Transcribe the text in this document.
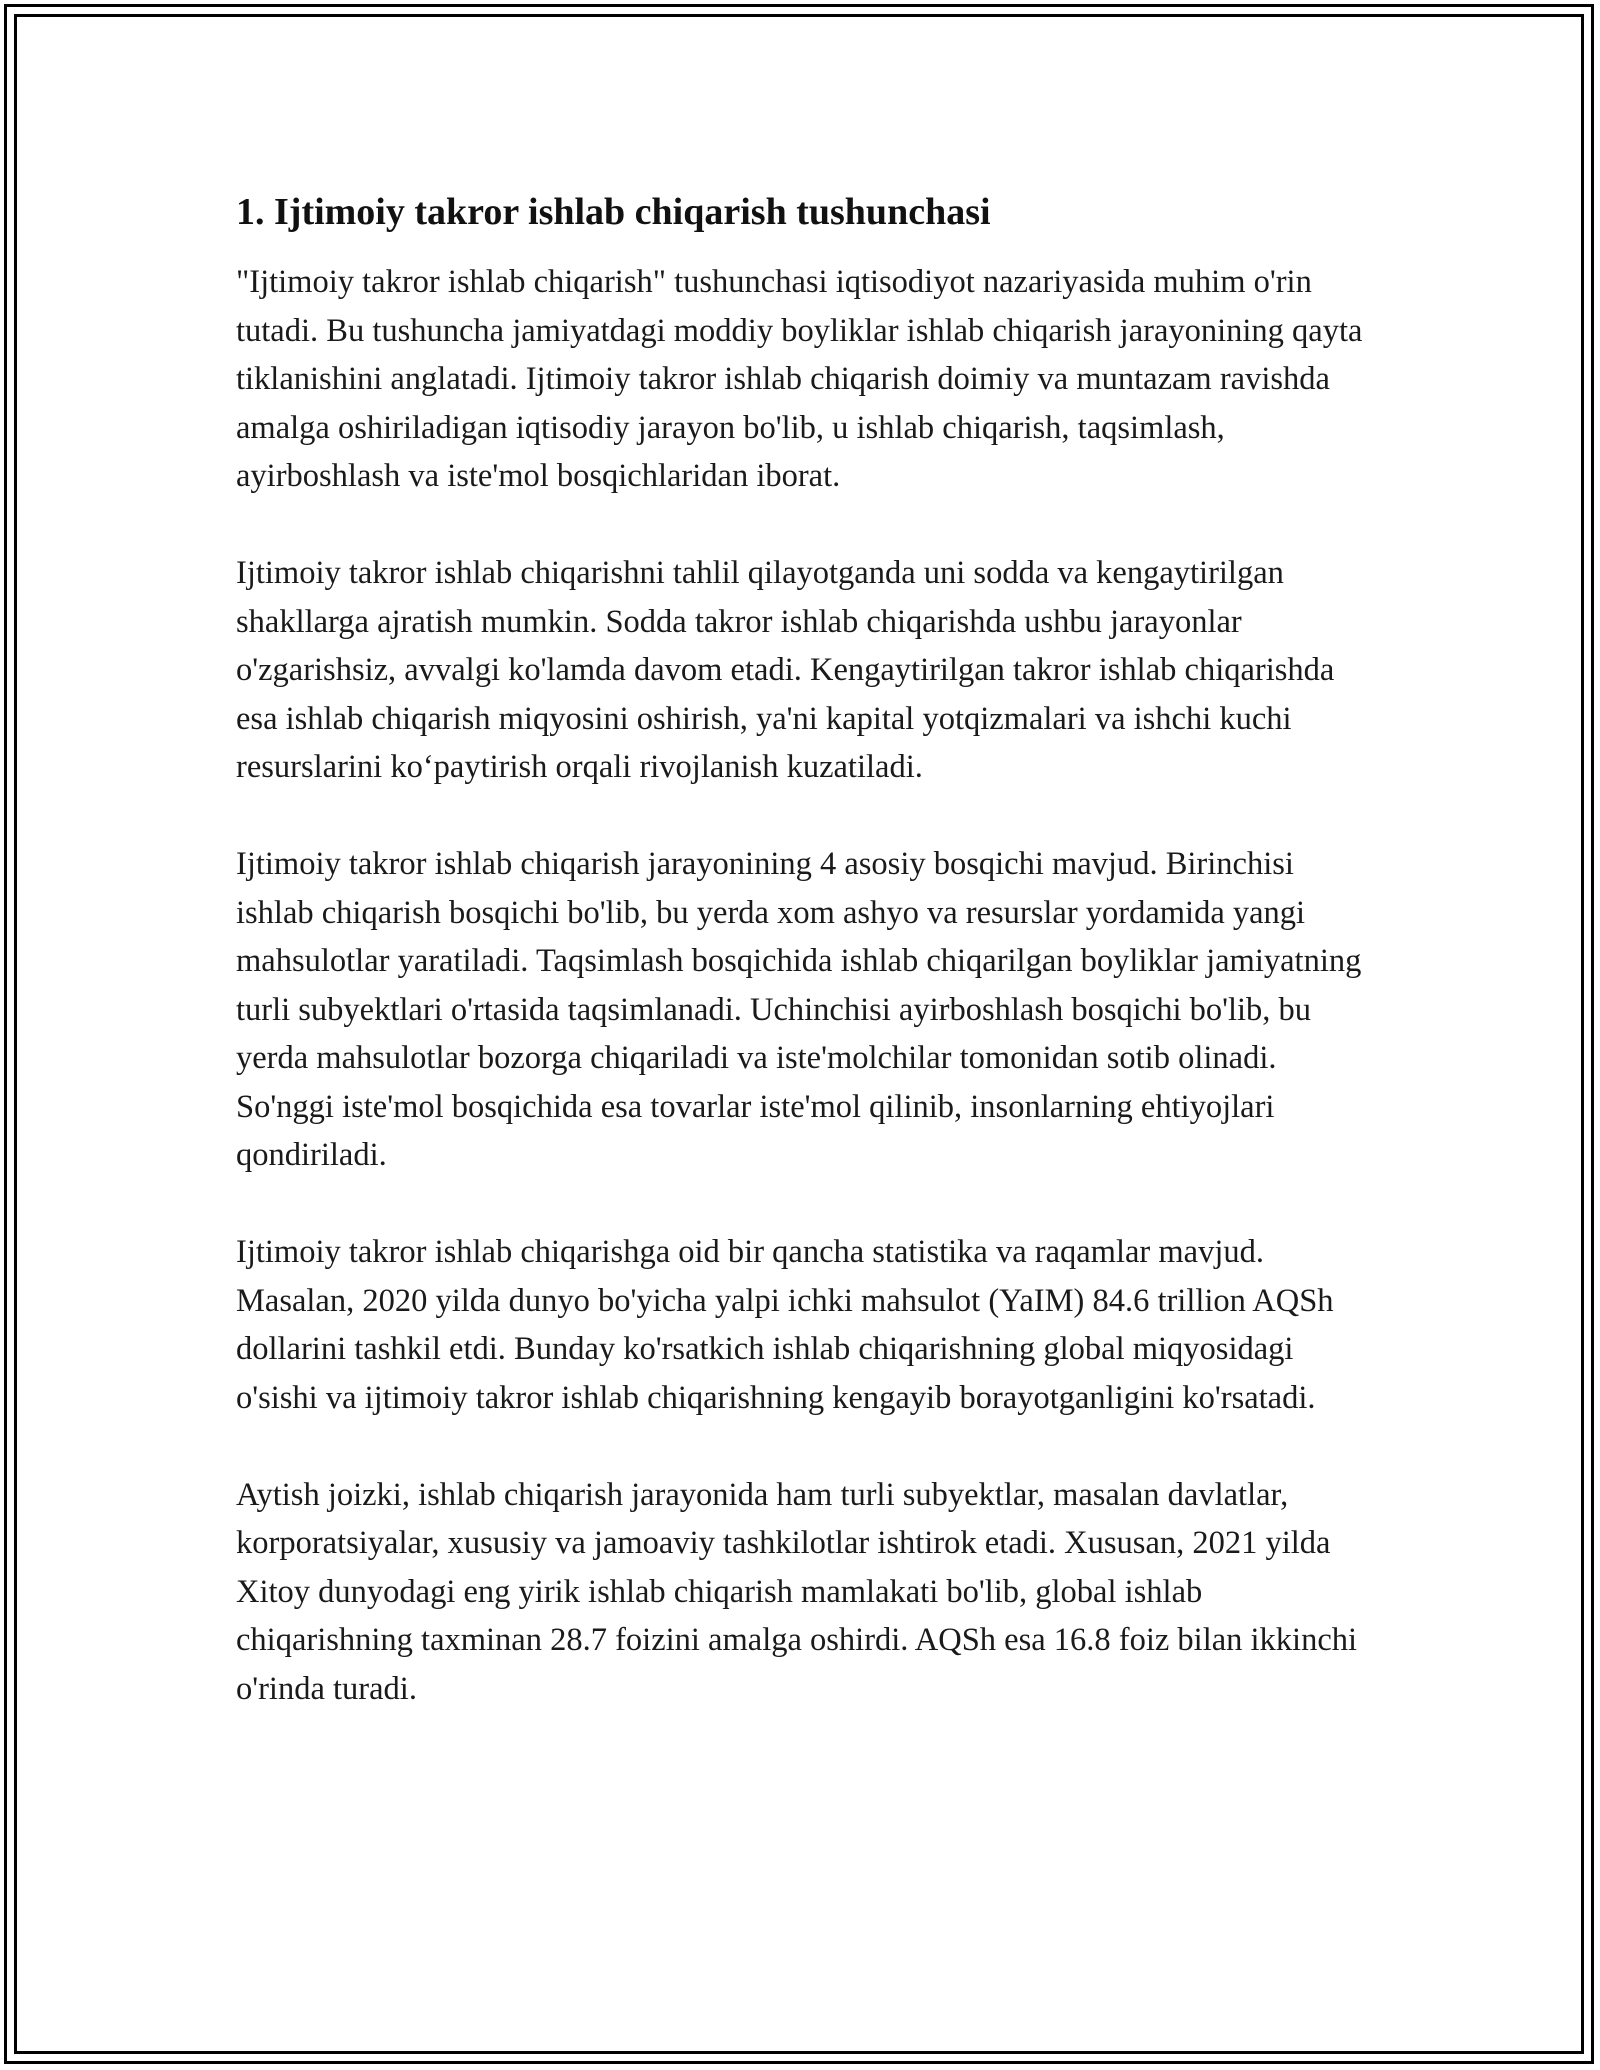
1. Ijtimoiy takror ishlab chiqarish tushunchasi

"Ijtimoiy takror ishlab chiqarish" tushunchasi iqtisodiyot nazariyasida muhim o'rin tutadi. Bu tushuncha jamiyatdagi moddiy boyliklar ishlab chiqarish jarayonining qayta tiklanishini anglatadi. Ijtimoiy takror ishlab chiqarish doimiy va muntazam ravishda amalga oshiriladigan iqtisodiy jarayon bo'lib, u ishlab chiqarish, taqsimlash, ayirboshlash va iste'mol bosqichlaridan iborat.

Ijtimoiy takror ishlab chiqarishni tahlil qilayotganda uni sodda va kengaytirilgan shakllarga ajratish mumkin. Sodda takror ishlab chiqarishda ushbu jarayonlar o'zgarishsiz, avvalgi ko'lamda davom etadi. Kengaytirilgan takror ishlab chiqarishda esa ishlab chiqarish miqyosini oshirish, ya'ni kapital yotqizmalari va ishchi kuchi resurslarini ko‘paytirish orqali rivojlanish kuzatiladi.

Ijtimoiy takror ishlab chiqarish jarayonining 4 asosiy bosqichi mavjud. Birinchisi ishlab chiqarish bosqichi bo'lib, bu yerda xom ashyo va resurslar yordamida yangi mahsulotlar yaratiladi. Taqsimlash bosqichida ishlab chiqarilgan boyliklar jamiyatning turli subyektlari o'rtasida taqsimlanadi. Uchinchisi ayirboshlash bosqichi bo'lib, bu yerda mahsulotlar bozorga chiqariladi va iste'molchilar tomonidan sotib olinadi. So'nggi iste'mol bosqichida esa tovarlar iste'mol qilinib, insonlarning ehtiyojlari qondiriladi.

Ijtimoiy takror ishlab chiqarishga oid bir qancha statistika va raqamlar mavjud. Masalan, 2020 yilda dunyo bo'yicha yalpi ichki mahsulot (YaIM) 84.6 trillion AQSh dollarini tashkil etdi. Bunday ko'rsatkich ishlab chiqarishning global miqyosidagi o'sishi va ijtimoiy takror ishlab chiqarishning kengayib borayotganligini ko'rsatadi.

Aytish joizki, ishlab chiqarish jarayonida ham turli subyektlar, masalan davlatlar, korporatsiyalar, xususiy va jamoaviy tashkilotlar ishtirok etadi. Xususan, 2021 yilda Xitoy dunyodagi eng yirik ishlab chiqarish mamlakati bo'lib, global ishlab chiqarishning taxminan 28.7 foizini amalga oshirdi. AQSh esa 16.8 foiz bilan ikkinchi o'rinda turadi.
